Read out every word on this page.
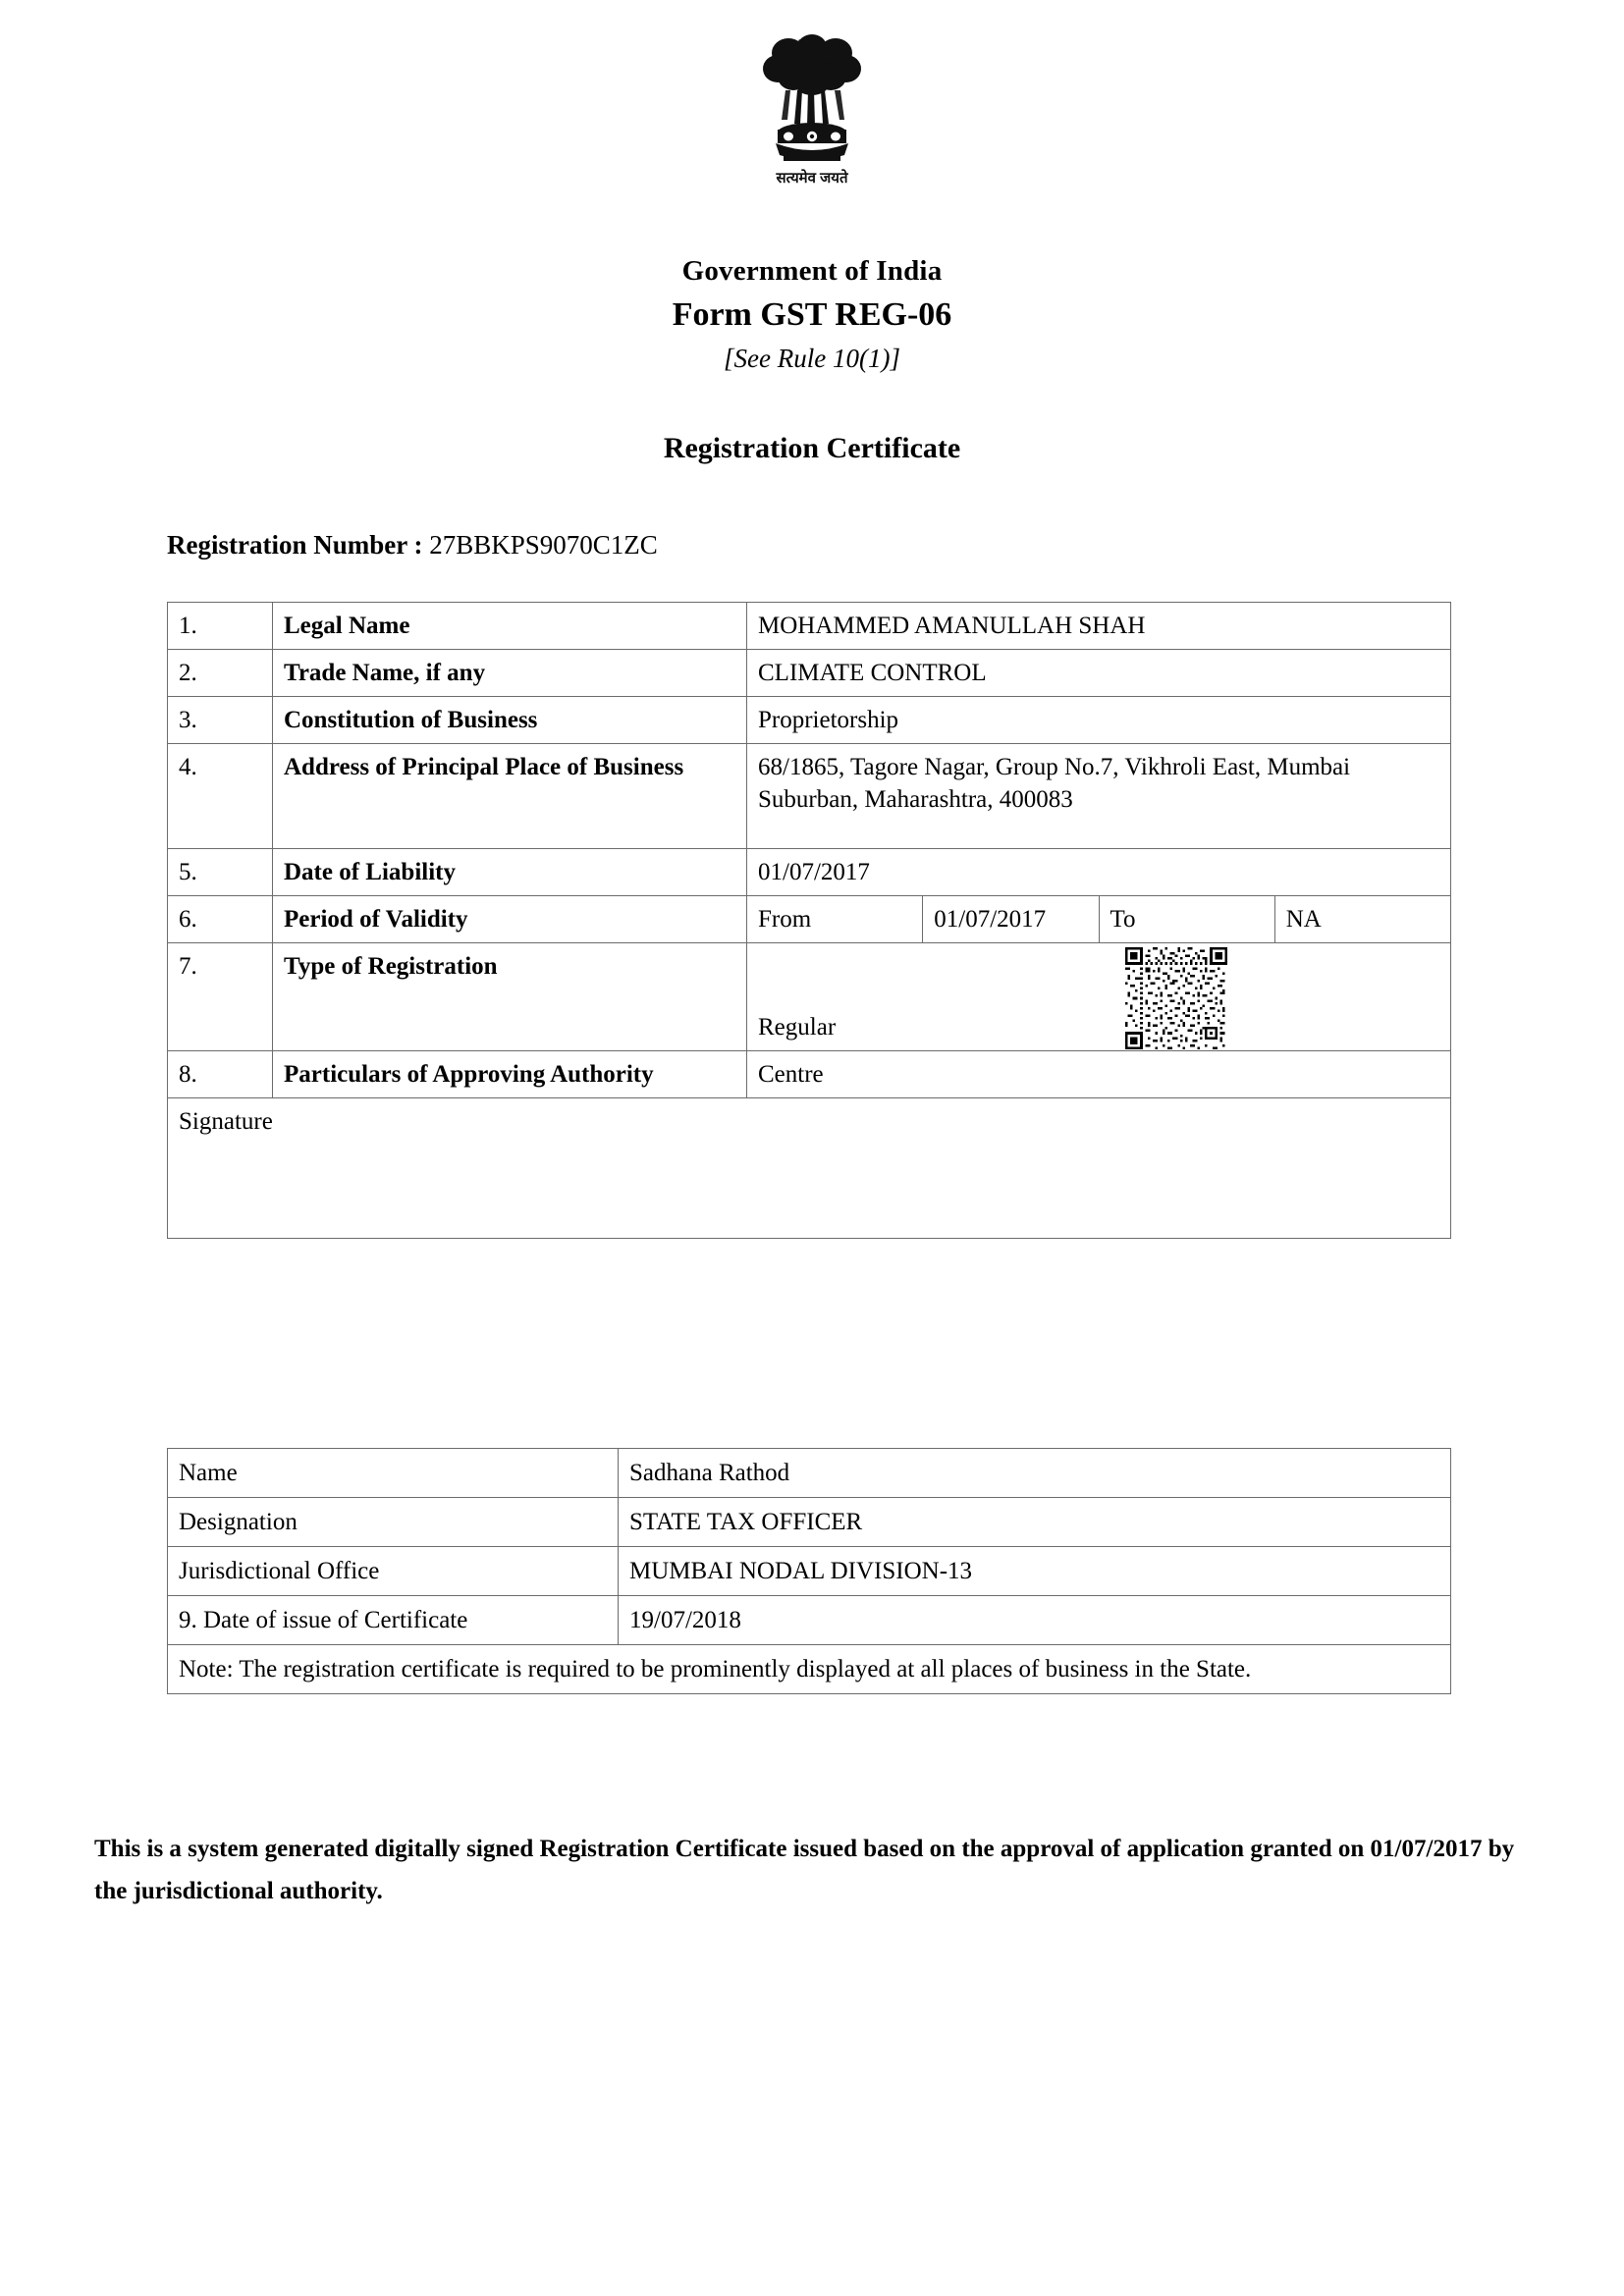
सत्यमेव जयते
Government of India
Form GST REG-06
[See Rule 10(1)]
Registration Certificate
Registration Number : 27BBKPS9070C1ZC
1.	Legal Name	MOHAMMED AMANULLAH SHAH			
2.	Trade Name, if any	CLIMATE CONTROL			
3.	Constitution of Business	Proprietorship			
4.	Address of Principal Place of Business	68/1865, Tagore Nagar, Group No.7, Vikhroli East, Mumbai Suburban, Maharashtra, 400083			
5.	Date of Liability	01/07/2017			
6.	Period of Validity	From	01/07/2017	To	NA
7.	Type of Registration	Regular			
8.	Particulars of Approving Authority	Centre			
Signature					
Name	Sadhana Rathod
Designation	STATE TAX OFFICER
Jurisdictional Office	MUMBAI NODAL DIVISION-13
9. Date of issue of Certificate	19/07/2018
Note: The registration certificate is required to be prominently displayed at all places of business in the State.	
This is a system generated digitally signed Registration Certificate issued based on the approval of application granted on 01/07/2017 by the jurisdictional authority.
